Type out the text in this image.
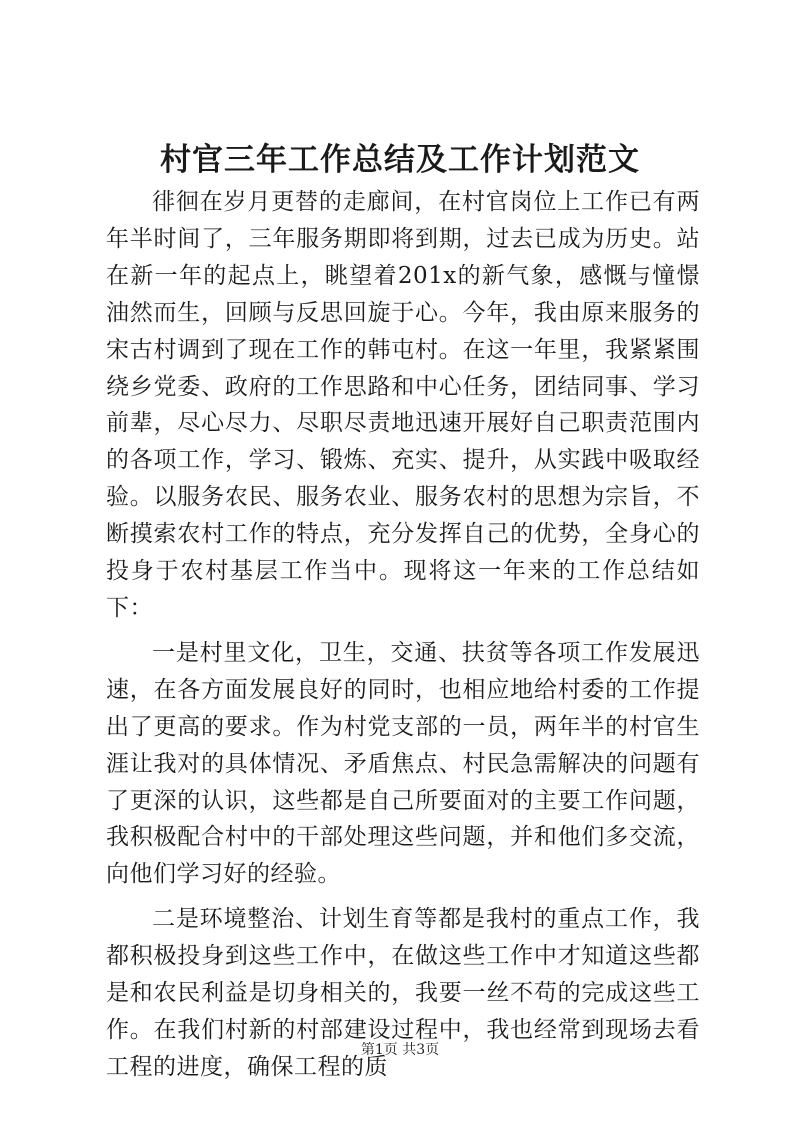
村官三年工作总结及工作计划范文

徘徊在岁月更替的走廊间，在村官岗位上工作已有两年半时间了，三年服务期即将到期，过去已成为历史。站在新一年的起点上，眺望着201x的新气象，感慨与憧憬油然而生，回顾与反思回旋于心。今年，我由原来服务的宋古村调到了现在工作的韩屯村。在这一年里，我紧紧围绕乡党委、政府的工作思路和中心任务，团结同事、学习前辈，尽心尽力、尽职尽责地迅速开展好自己职责范围内的各项工作，学习、锻炼、充实、提升，从实践中吸取经验。以服务农民、服务农业、服务农村的思想为宗旨，不断摸索农村工作的特点，充分发挥自己的优势，全身心的投身于农村基层工作当中。现将这一年来的工作总结如下：

一是村里文化，卫生，交通、扶贫等各项工作发展迅速，在各方面发展良好的同时，也相应地给村委的工作提出了更高的要求。作为村党支部的一员，两年半的村官生涯让我对的具体情况、矛盾焦点、村民急需解决的问题有了更深的认识，这些都是自己所要面对的主要工作问题，我积极配合村中的干部处理这些问题，并和他们多交流，向他们学习好的经验。

二是环境整治、计划生育等都是我村的重点工作，我都积极投身到这些工作中，在做这些工作中才知道这些都是和农民利益是切身相关的，我要一丝不苟的完成这些工作。在我们村新的村部建设过程中，我也经常到现场去看工程的进度，确保工程的质

第1页 共3页
